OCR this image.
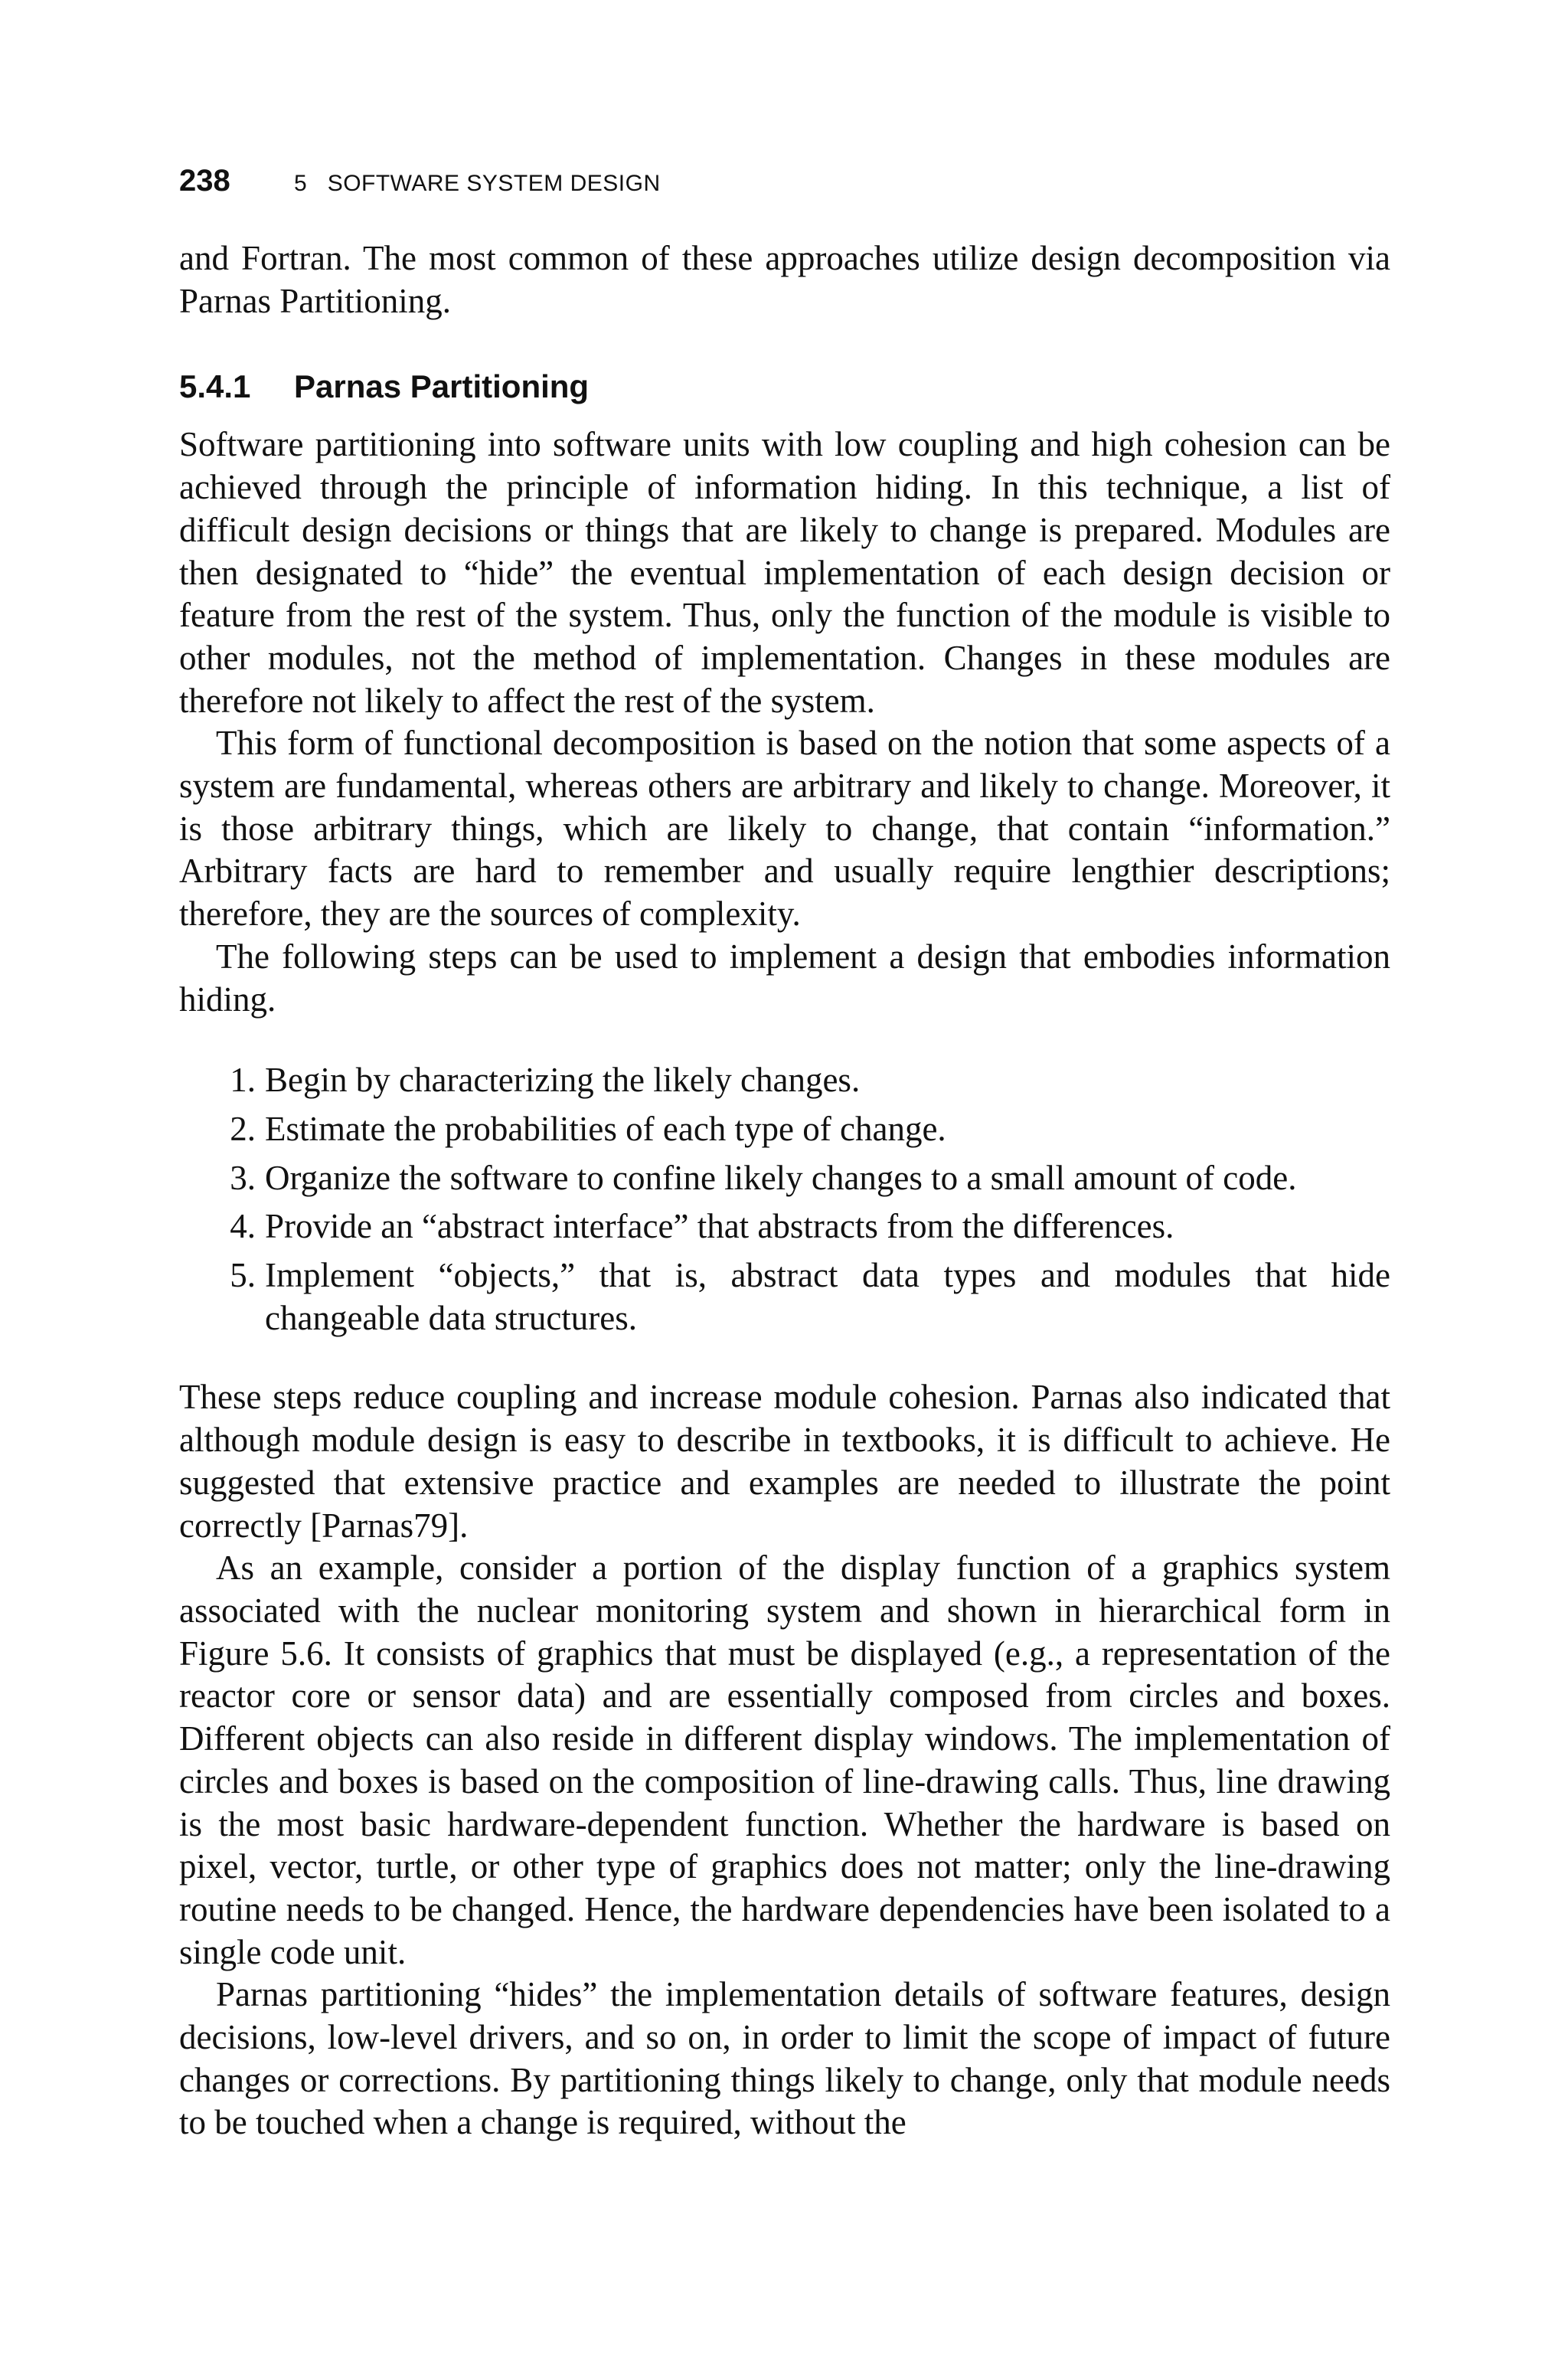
238	5   SOFTWARE SYSTEM DESIGN

and Fortran. The most common of these approaches utilize design decomposition via Parnas Partitioning.

5.4.1 Parnas Partitioning

Software partitioning into software units with low coupling and high cohesion can be achieved through the principle of information hiding. In this technique, a list of difficult design decisions or things that are likely to change is prepared. Modules are then designated to “hide” the eventual implementation of each design decision or feature from the rest of the system. Thus, only the function of the module is visible to other modules, not the method of implementation. Changes in these modules are therefore not likely to affect the rest of the system.

This form of functional decomposition is based on the notion that some aspects of a system are fundamental, whereas others are arbitrary and likely to change. Moreover, it is those arbitrary things, which are likely to change, that contain “information.” Arbitrary facts are hard to remember and usually require lengthier descriptions; therefore, they are the sources of complexity.

The following steps can be used to implement a design that embodies information hiding.

1. Begin by characterizing the likely changes.
2. Estimate the probabilities of each type of change.
3. Organize the software to confine likely changes to a small amount of code.
4. Provide an “abstract interface” that abstracts from the differences.
5. Implement “objects,” that is, abstract data types and modules that hide changeable data structures.

These steps reduce coupling and increase module cohesion. Parnas also indicated that although module design is easy to describe in textbooks, it is difficult to achieve. He suggested that extensive practice and examples are needed to illustrate the point correctly [Parnas79].

As an example, consider a portion of the display function of a graphics system associated with the nuclear monitoring system and shown in hierarchical form in Figure 5.6. It consists of graphics that must be displayed (e.g., a representation of the reactor core or sensor data) and are essentially composed from circles and boxes. Different objects can also reside in different display windows. The implementation of circles and boxes is based on the composition of line-drawing calls. Thus, line drawing is the most basic hardware-dependent function. Whether the hardware is based on pixel, vector, turtle, or other type of graphics does not matter; only the line-drawing routine needs to be changed. Hence, the hardware dependencies have been isolated to a single code unit.

Parnas partitioning “hides” the implementation details of software features, design decisions, low-level drivers, and so on, in order to limit the scope of impact of future changes or corrections. By partitioning things likely to change, only that module needs to be touched when a change is required, without the
